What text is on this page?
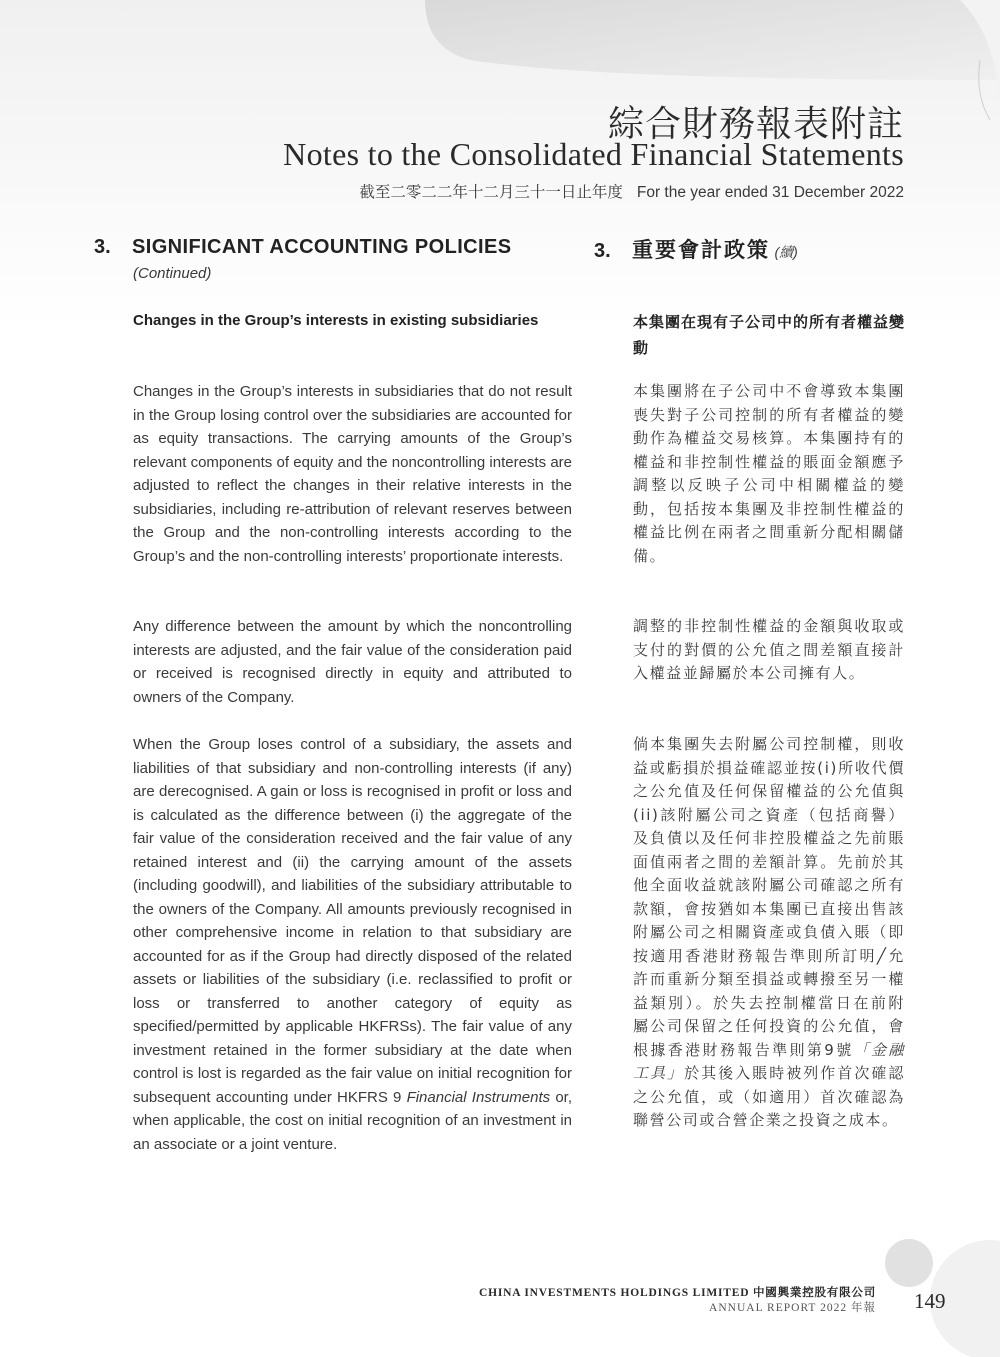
綜合財務報表附註
Notes to the Consolidated Financial Statements
截至二零二二年十二月三十一日止年度 For the year ended 31 December 2022
3. SIGNIFICANT ACCOUNTING POLICIES
(Continued)
3. 重要會計政策 (續)
Changes in the Group’s interests in existing subsidiaries	本集團在現有子公司中的所有者權益變動
Changes in the Group’s interests in subsidiaries that do not result in the Group losing control over the subsidiaries are accounted for as equity transactions. The carrying amounts of the Group’s relevant components of equity and the noncontrolling interests are adjusted to reflect the changes in their relative interests in the subsidiaries, including re-attribution of relevant reserves between the Group and the non-controlling interests according to the Group’s and the non-controlling interests’ proportionate interests.
Any difference between the amount by which the noncontrolling interests are adjusted, and the fair value of the consideration paid or received is recognised directly in equity and attributed to owners of the Company.
When the Group loses control of a subsidiary, the assets and liabilities of that subsidiary and non-controlling interests (if any) are derecognised. A gain or loss is recognised in profit or loss and is calculated as the difference between (i) the aggregate of the fair value of the consideration received and the fair value of any retained interest and (ii) the carrying amount of the assets (including goodwill), and liabilities of the subsidiary attributable to the owners of the Company. All amounts previously recognised in other comprehensive income in relation to that subsidiary are accounted for as if the Group had directly disposed of the related assets or liabilities of the subsidiary (i.e. reclassified to profit or loss or transferred to another category of equity as specified/permitted by applicable HKFRSs). The fair value of any investment retained in the former subsidiary at the date when control is lost is regarded as the fair value on initial recognition for subsequent accounting under HKFRS 9 Financial Instruments or, when applicable, the cost on initial recognition of an investment in an associate or a joint venture.
本集團將在子公司中不會導致本集團喪失對子公司控制的所有者權益的變動作為權益交易核算。本集團持有的權益和非控制性權益的賬面金額應予調整以反映子公司中相關權益的變動，包括按本集團及非控制性權益的權益比例在兩者之間重新分配相關儲備。
調整的非控制性權益的金額與收取或支付的對價的公允值之間差額直接計入權益並歸屬於本公司擁有人。
倘本集團失去附屬公司控制權，則收益或虧損於損益確認並按(i)所收代價之公允值及任何保留權益的公允值與(ii)該附屬公司之資產（包括商譽）及負債以及任何非控股權益之先前賬面值兩者之間的差額計算。先前於其他全面收益就該附屬公司確認之所有款額，會按猶如本集團已直接出售該附屬公司之相關資產或負債入賬（即按適用香港財務報告準則所訂明╱允許而重新分類至損益或轉撥至另一權益類別）。於失去控制權當日在前附屬公司保留之任何投資的公允值，會根據香港財務報告準則第9號「金融工具」於其後入賬時被列作首次確認之公允值，或（如適用）首次確認為聯營公司或合營企業之投資之成本。
CHINA INVESTMENTS HOLDINGS LIMITED 中國興業控股有限公司
ANNUAL REPORT 2022 年報 149
